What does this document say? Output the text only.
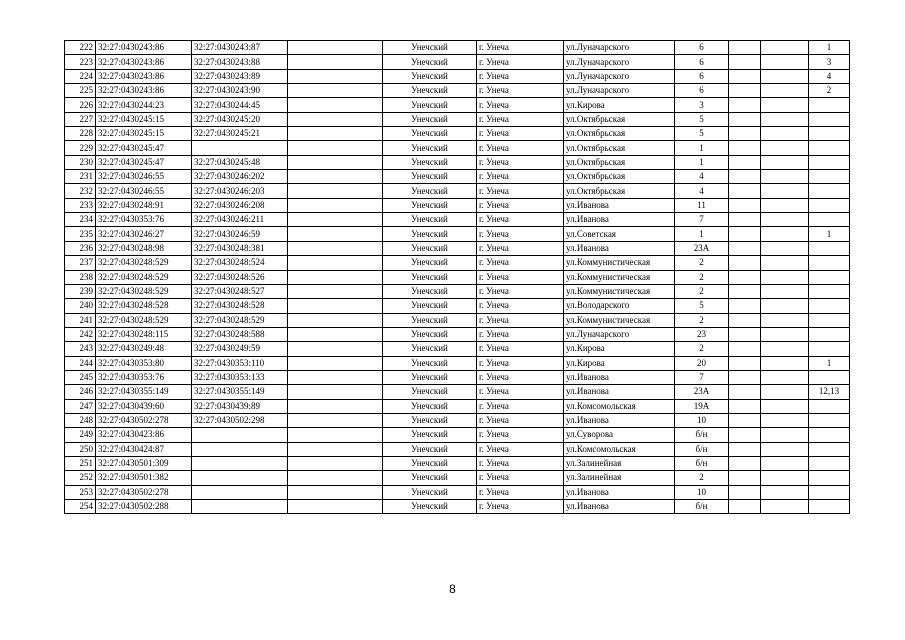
222	32:27:0430243:86	32:27:0430243:87		Унечский	г. Унеча	ул.Луначарского	6			1
223	32:27:0430243:86	32:27:0430243:88		Унечский	г. Унеча	ул.Луначарского	6			3
224	32:27:0430243:86	32:27:0430243:89		Унечский	г. Унеча	ул.Луначарского	6			4
225	32:27:0430243:86	32:27:0430243:90		Унечский	г. Унеча	ул.Луначарского	6			2
226	32:27:0430244:23	32:27:0430244:45		Унечский	г. Унеча	ул.Кирова	3			
227	32:27:0430245:15	32:27:0430245:20		Унечский	г. Унеча	ул.Октябрьская	5			
228	32:27:0430245:15	32:27:0430245:21		Унечский	г. Унеча	ул.Октябрьская	5			
229	32:27:0430245:47			Унечский	г. Унеча	ул.Октябрьская	1			
230	32:27:0430245:47	32:27:0430245:48		Унечский	г. Унеча	ул.Октябрьская	1			
231	32:27:0430246:55	32:27:0430246:202		Унечский	г. Унеча	ул.Октябрьская	4			
232	32:27:0430246:55	32:27:0430246:203		Унечский	г. Унеча	ул.Октябрьская	4			
233	32:27:0430248:91	32:27:0430246:208		Унечский	г. Унеча	ул.Иванова	11			
234	32:27:0430353:76	32:27:0430246:211		Унечский	г. Унеча	ул.Иванова	7			
235	32:27:0430246:27	32:27:0430246:59		Унечский	г. Унеча	ул.Советская	1			1
236	32:27:0430248:98	32:27:0430248:381		Унечский	г. Унеча	ул.Иванова	23А			
237	32:27:0430248:529	32:27:0430248:524		Унечский	г. Унеча	ул.Коммунистическая	2			
238	32:27:0430248:529	32:27:0430248:526		Унечский	г. Унеча	ул.Коммунистическая	2			
239	32:27:0430248:529	32:27:0430248:527		Унечский	г. Унеча	ул.Коммунистическая	2			
240	32:27:0430248:528	32:27:0430248:528		Унечский	г. Унеча	ул.Володарского	5			
241	32:27:0430248:529	32:27:0430248:529		Унечский	г. Унеча	ул.Коммунистическая	2			
242	32:27:0430248:115	32:27:0430248:588		Унечский	г. Унеча	ул.Луначарского	23			
243	32:27:0430249:48	32:27:0430249:59		Унечский	г. Унеча	ул.Кирова	2			
244	32:27:0430353:80	32:27:0430353:110		Унечский	г. Унеча	ул.Кирова	20			1
245	32:27:0430353:76	32:27:0430353:133		Унечский	г. Унеча	ул.Иванова	7			
246	32:27:0430355:149	32:27:0430355:149		Унечский	г. Унеча	ул.Иванова	23А			12,13
247	32:27:0430439:60	32:27:0430439:89		Унечский	г. Унеча	ул.Комсомольская	19А			
248	32:27:0430502:278	32:27:0430502:298		Унечский	г. Унеча	ул.Иванова	10			
249	32:27:0430423:86			Унечский	г. Унеча	ул.Суворова	б/н			
250	32:27:0430424:87			Унечский	г. Унеча	ул.Комсомольская	б/н			
251	32:27:0430501:309			Унечский	г. Унеча	ул.Залинейная	б/н			
252	32:27:0430501:382			Унечский	г. Унеча	ул.Залинейная	2			
253	32:27:0430502:278			Унечский	г. Унеча	ул.Иванова	10			
254	32:27:0430502:288			Унечский	г. Унеча	ул.Иванова	б/н			
8
